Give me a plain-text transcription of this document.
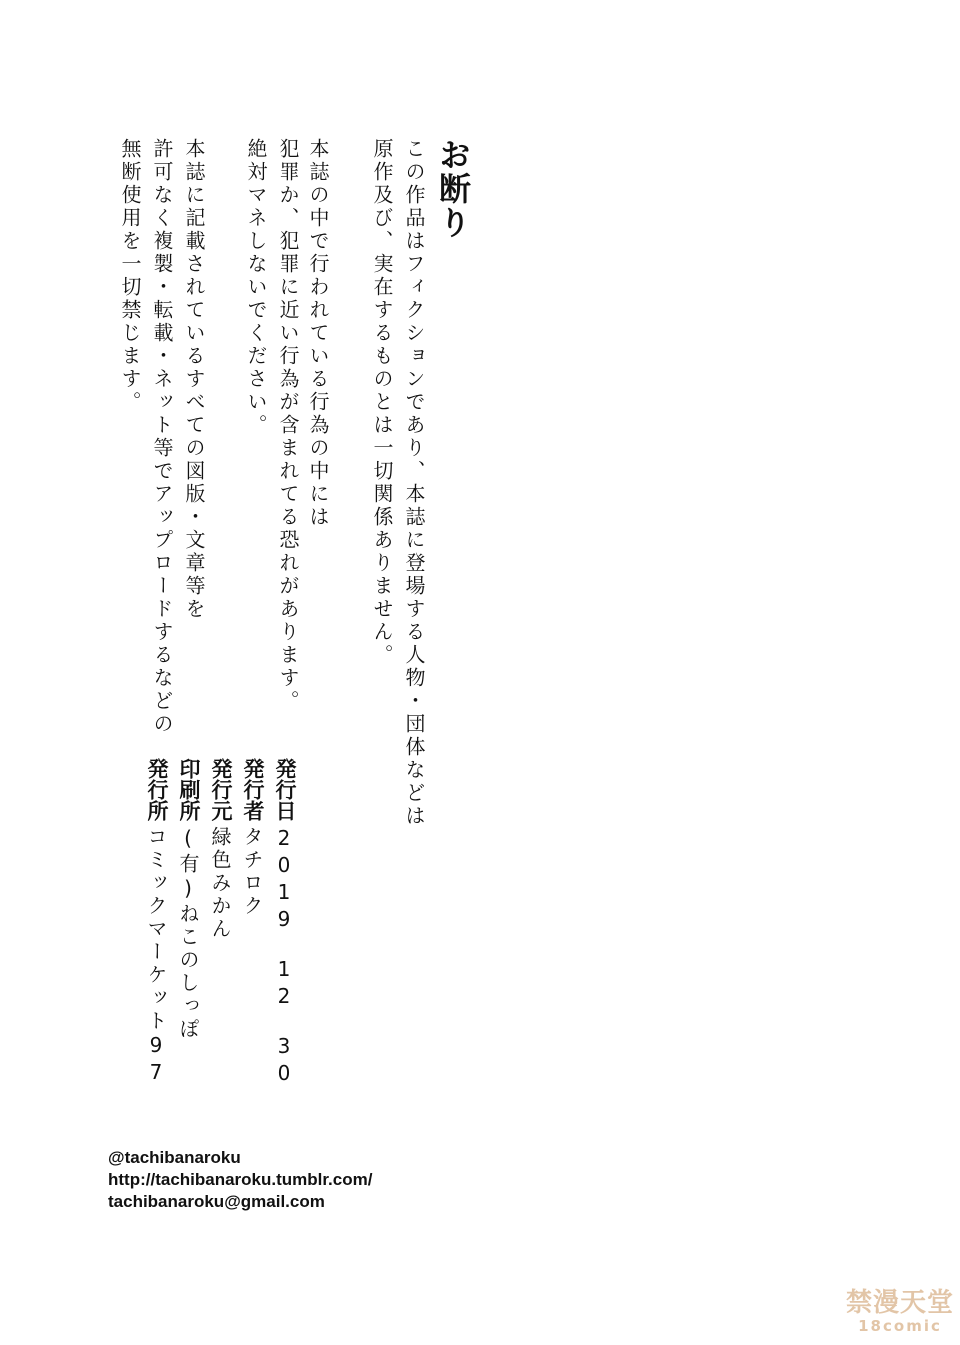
お断り
この作品はフィクションであり、本誌に登場する人物・団体などは
原作及び、実在するものとは一切関係ありません。
本誌の中で行われている行為の中には
犯罪か、犯罪に近い行為が含まれてる恐れがあります。
絶対マネしないでください。
本誌に記載されているすべての図版・文章等を
許可なく複製・転載・ネット等でアップロードするなどの
無断使用を一切禁じます。
発行日
発行者
発行元
印刷所
発行所
2019　12　30
タチロク
緑色みかん
(有)ねこのしっぽ
コミックマーケット97
@tachibanaroku
http://tachibanaroku.tumblr.com/
tachibanaroku@gmail.com
禁漫天堂
18comic
